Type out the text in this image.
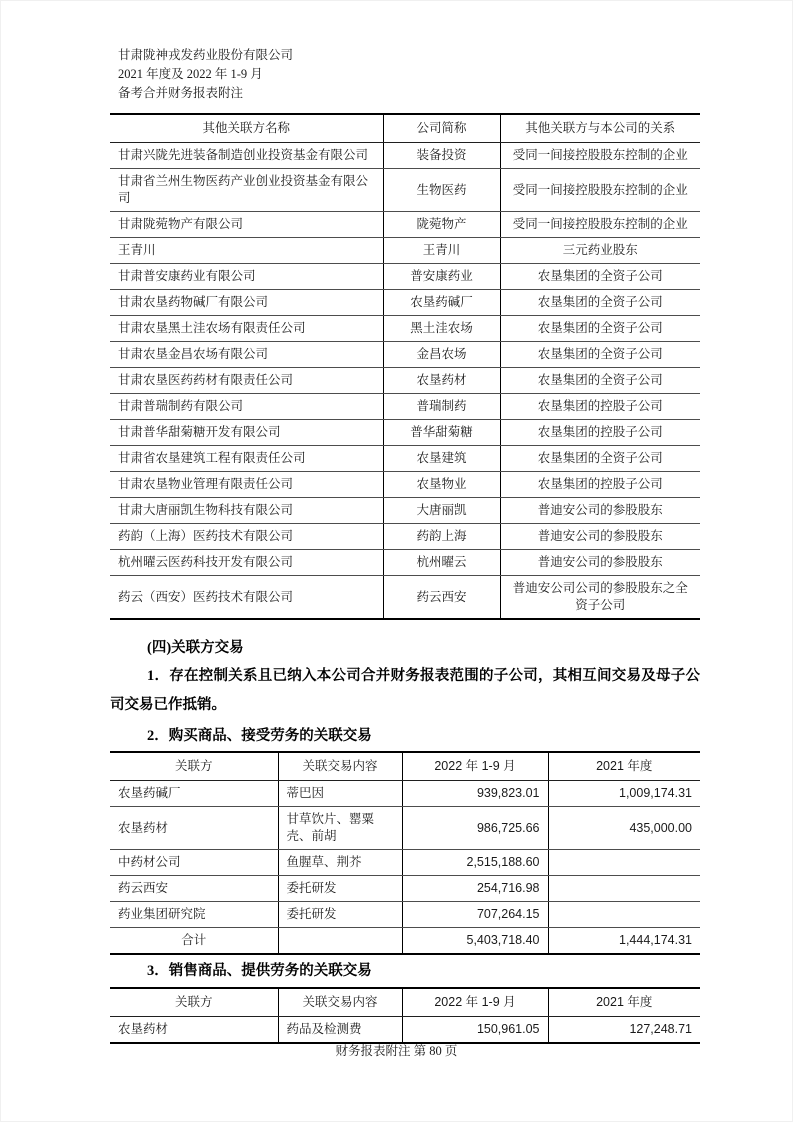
甘肃陇神戎发药业股份有限公司
2021 年度及 2022 年 1-9 月
备考合并财务报表附注
其他关联方名称	公司简称	其他关联方与本公司的关系
甘肃兴陇先进装备制造创业投资基金有限公司	装备投资	受同一间接控股股东控制的企业
甘肃省兰州生物医药产业创业投资基金有限公司	生物医药	受同一间接控股股东控制的企业
甘肃陇菀物产有限公司	陇菀物产	受同一间接控股股东控制的企业
王青川	王青川	三元药业股东
甘肃普安康药业有限公司	普安康药业	农垦集团的全资子公司
甘肃农垦药物碱厂有限公司	农垦药碱厂	农垦集团的全资子公司
甘肃农垦黑土洼农场有限责任公司	黑土洼农场	农垦集团的全资子公司
甘肃农垦金昌农场有限公司	金昌农场	农垦集团的全资子公司
甘肃农垦医药药材有限责任公司	农垦药材	农垦集团的全资子公司
甘肃普瑞制药有限公司	普瑞制药	农垦集团的控股子公司
甘肃普华甜菊糖开发有限公司	普华甜菊糖	农垦集团的控股子公司
甘肃省农垦建筑工程有限责任公司	农垦建筑	农垦集团的全资子公司
甘肃农垦物业管理有限责任公司	农垦物业	农垦集团的控股子公司
甘肃大唐丽凯生物科技有限公司	大唐丽凯	普迪安公司的参股股东
药韵（上海）医药技术有限公司	药韵上海	普迪安公司的参股股东
杭州曜云医药科技开发有限公司	杭州曜云	普迪安公司的参股股东
药云（西安）医药技术有限公司	药云西安	普迪安公司公司的参股股东之全资子公司
(四)关联方交易

1．存在控制关系且已纳入本公司合并财务报表范围的子公司，其相互间交易及母子公司交易已作抵销。

2．购买商品、接受劳务的关联交易
关联方	关联交易内容	2022 年 1-9 月	2021 年度
农垦药碱厂	蒂巴因	939,823.01	1,009,174.31
农垦药材	甘草饮片、罂粟壳、前胡	986,725.66	435,000.00
中药材公司	鱼腥草、荆芥	2,515,188.60	
药云西安	委托研发	254,716.98	
药业集团研究院	委托研发	707,264.15	
合计		5,403,718.40	1,444,174.31
3．销售商品、提供劳务的关联交易
关联方	关联交易内容	2022 年 1-9 月	2021 年度
农垦药材	药品及检测费	150,961.05	127,248.71
财务报表附注 第 80 页
